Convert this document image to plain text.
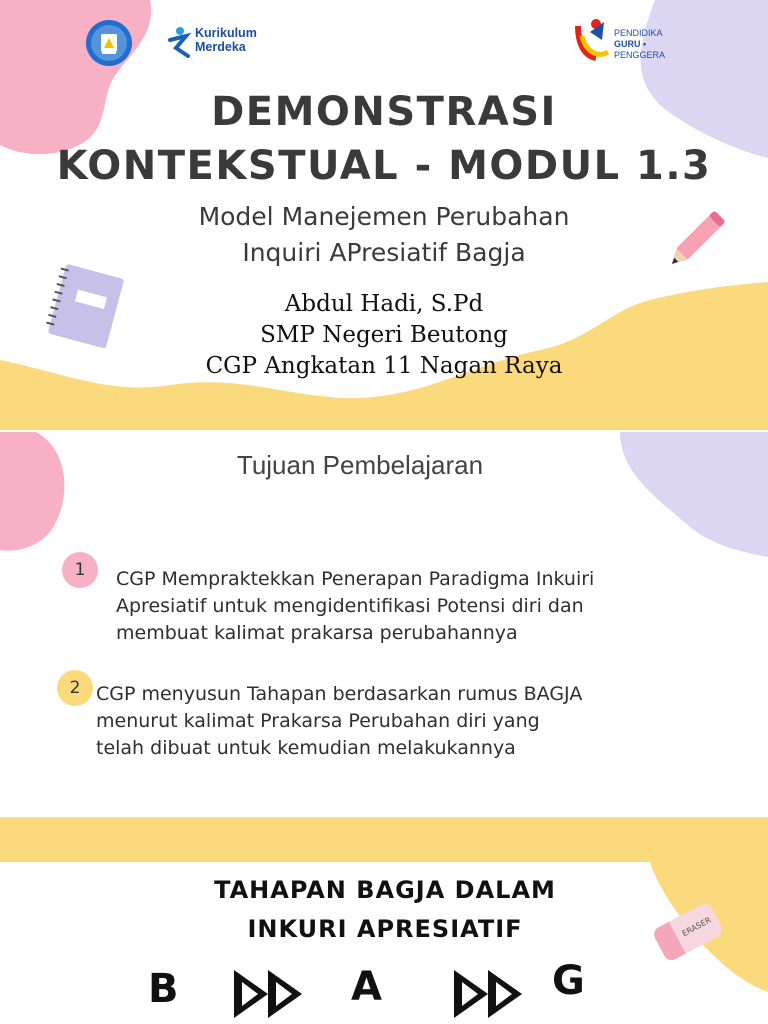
Kurikulum
Merdeka
PENDIDIKA
GURU •
PENGGERA
DEMONSTRASI
KONTEKSTUAL - MODUL 1.3
Model Manejemen Perubahan
Inquiri APresiatif Bagja
Abdul Hadi, S.Pd
SMP Negeri Beutong
CGP Angkatan 11 Nagan Raya
Tujuan Pembelajaran
1	CGP Mempraktekkan Penerapan Paradigma Inkuiri
Apresiatif untuk mengidentifikasi Potensi diri dan
membuat kalimat prakarsa perubahannya
2 CGP menyusun Tahapan berdasarkan rumus BAGJA
menurut kalimat Prakarsa Perubahan diri yang
telah dibuat untuk kemudian melakukannya
TAHAPAN BAGJA DALAM
INKURI APRESIATIF	ERASER
B	A	G
